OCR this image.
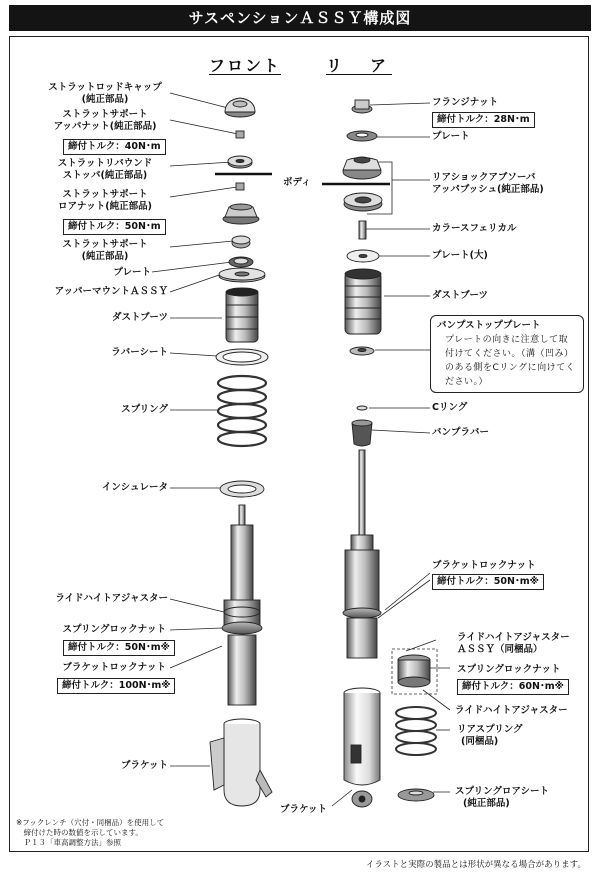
サスペンションＡＳＳＹ構成図
フロント	リ　ア
ストラットロッドキャップ
(純正部品)
ストラットサポート
アッパナット(純正部品)
締付トルク：40N･m
ストラットリバウンド
ストッパ(純正部品)
ボディ
ストラットサポート
ロアナット(純正部品)
締付トルク：50N･m
ストラットサポート
(純正部品)
プレート
アッパーマウントＡＳＳＹ
ダストブーツ
ラバーシート
スプリング
インシュレータ
ライドハイトアジャスター
スプリングロックナット
締付トルク：50N･m※
ブラケットロックナット
締付トルク：100N･m※
ブラケット
フランジナット
締付トルク：28N･m
プレート
リアショックアブソーバ
アッパブッシュ(純正部品)
カラースフェリカル
プレート(大)
ダストブーツ
バンプストッププレート
プレートの向きに注意して取付けてください。（溝（凹み）のある側をCリングに向けてください。）
Cリング
バンプラバー
ブラケットロックナット
締付トルク：50N･m※
ライドハイトアジャスター
ＡＳＳＹ（同梱品）
スプリングロックナット
締付トルク：60N･m※
ライドハイトアジャスター
リアスプリング
(同梱品)
スプリングロアシート
(純正部品)
ブラケット
※フックレンチ（穴付・同梱品）を使用して
　締付けた時の数値を示しています。
　Ｐ１３「車高調整方法」参照
イラストと実際の製品とは形状が異なる場合があります。
